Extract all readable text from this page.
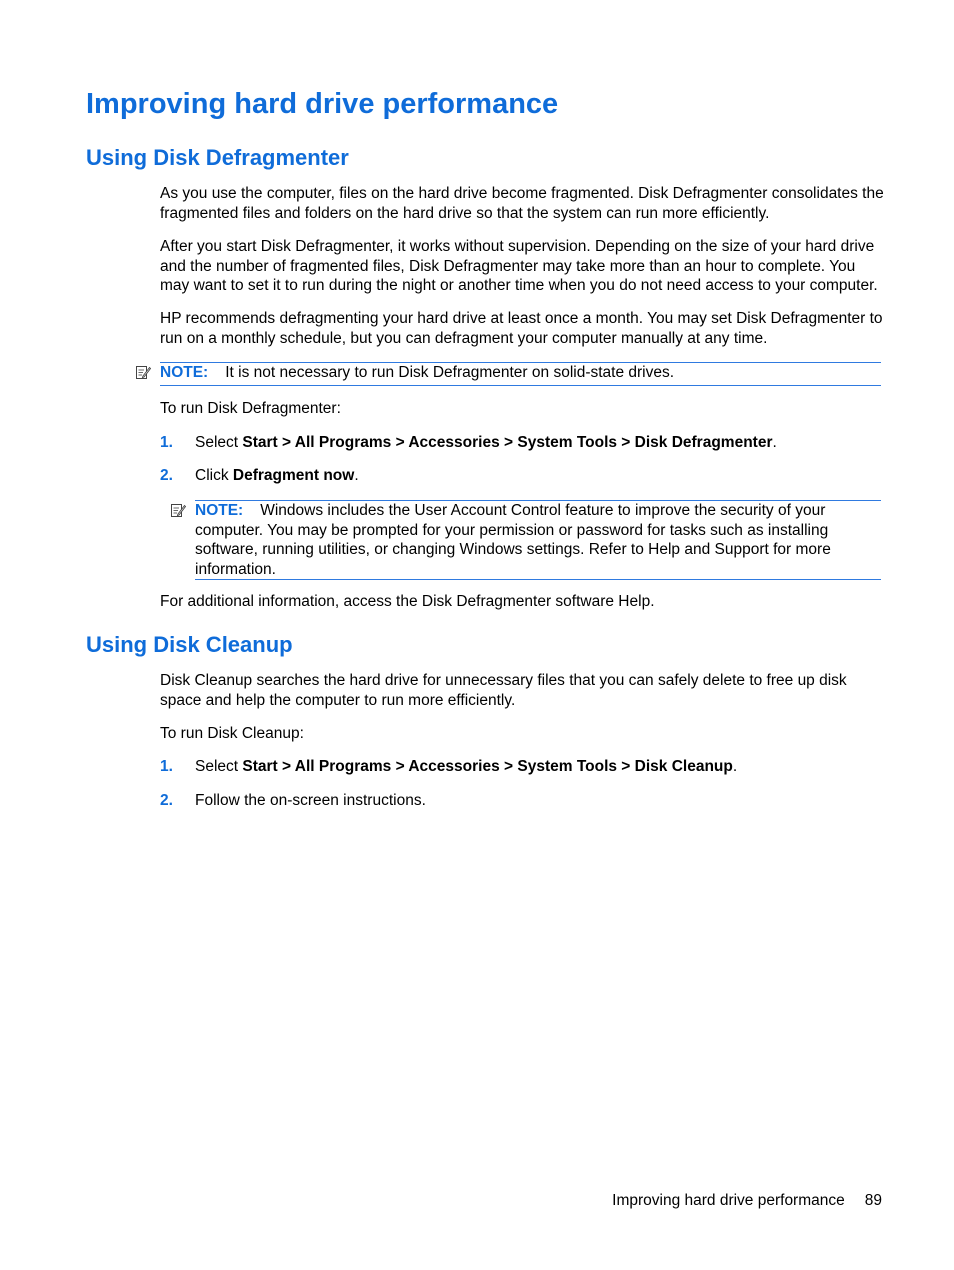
Improving hard drive performance
Using Disk Defragmenter

As you use the computer, files on the hard drive become fragmented. Disk Defragmenter consolidates the fragmented files and folders on the hard drive so that the system can run more efficiently.

After you start Disk Defragmenter, it works without supervision. Depending on the size of your hard drive and the number of fragmented files, Disk Defragmenter may take more than an hour to complete. You may want to set it to run during the night or another time when you do not need access to your computer.

HP recommends defragmenting your hard drive at least once a month. You may set Disk Defragmenter to run on a monthly schedule, but you can defragment your computer manually at any time.

NOTE: It is not necessary to run Disk Defragmenter on solid-state drives.

To run Disk Defragmenter:

1. Select Start > All Programs > Accessories > System Tools > Disk Defragmenter.
2. Click Defragment now.
NOTE: Windows includes the User Account Control feature to improve the security of your computer. You may be prompted for your permission or password for tasks such as installing software, running utilities, or changing Windows settings. Refer to Help and Support for more information.

For additional information, access the Disk Defragmenter software Help.

Using Disk Cleanup

Disk Cleanup searches the hard drive for unnecessary files that you can safely delete to free up disk space and help the computer to run more efficiently.

To run Disk Cleanup:

1. Select Start > All Programs > Accessories > System Tools > Disk Cleanup.
2. Follow the on-screen instructions.
Improving hard drive performance 89
